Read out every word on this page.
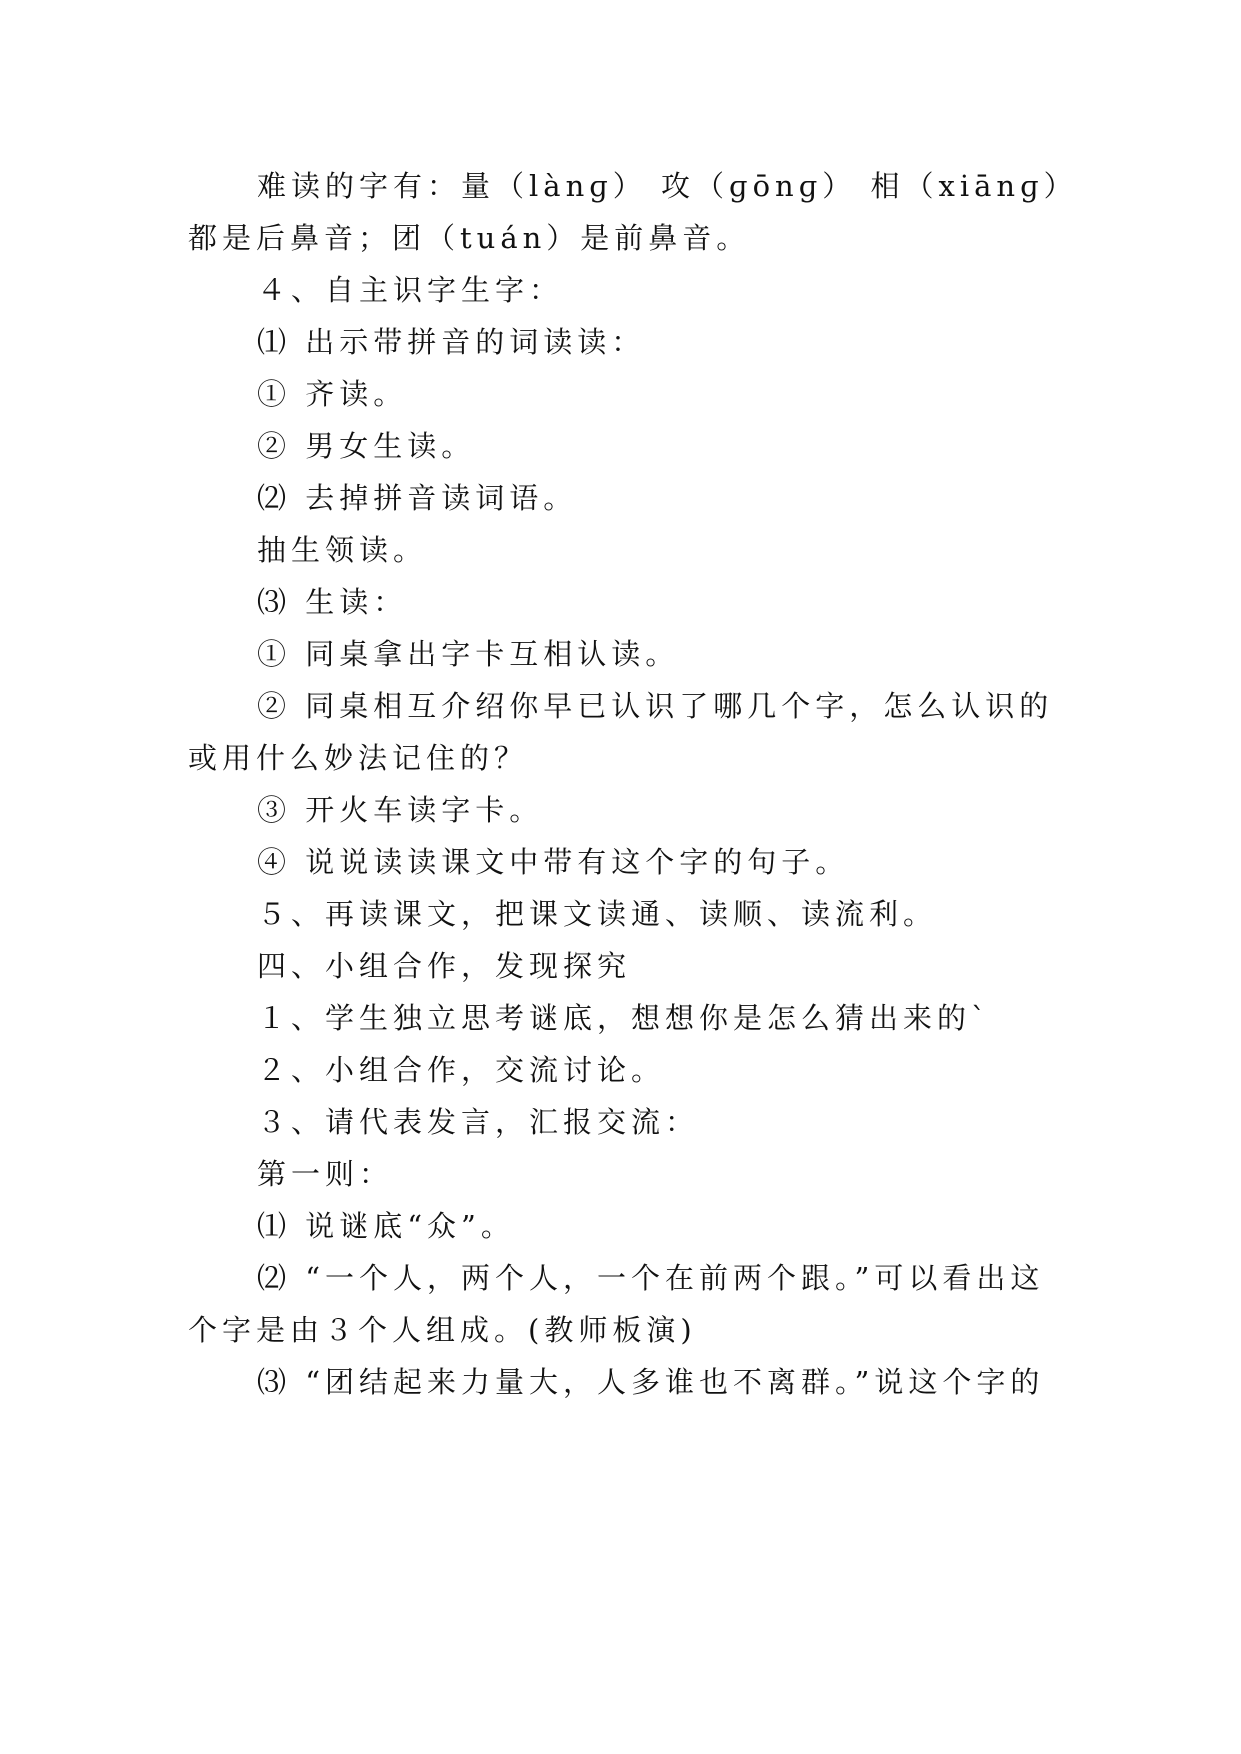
难读的字有：量（lànɡ） 攻（ɡōnɡ） 相（xiānɡ）
都是后鼻音；团（tuán）是前鼻音。
４、自主识字生字：
⑴ 出示带拼音的词读读：
① 齐读。
② 男女生读。
⑵ 去掉拼音读词语。
抽生领读。
⑶ 生读：
① 同桌拿出字卡互相认读。
② 同桌相互介绍你早已认识了哪几个字，怎么认识的
或用什么妙法记住的？
③ 开火车读字卡。
④ 说说读读课文中带有这个字的句子。
５、再读课文，把课文读通、读顺、读流利。
四、小组合作，发现探究
１、学生独立思考谜底，想想你是怎么猜出来的`
２、小组合作，交流讨论。
３、请代表发言，汇报交流：
第一则：
⑴ 说谜底“众”。
⑵ “一个人，两个人，一个在前两个跟。”可以看出这
个字是由３个人组成。(教师板演)
⑶ “团结起来力量大，人多谁也不离群。”说这个字的
